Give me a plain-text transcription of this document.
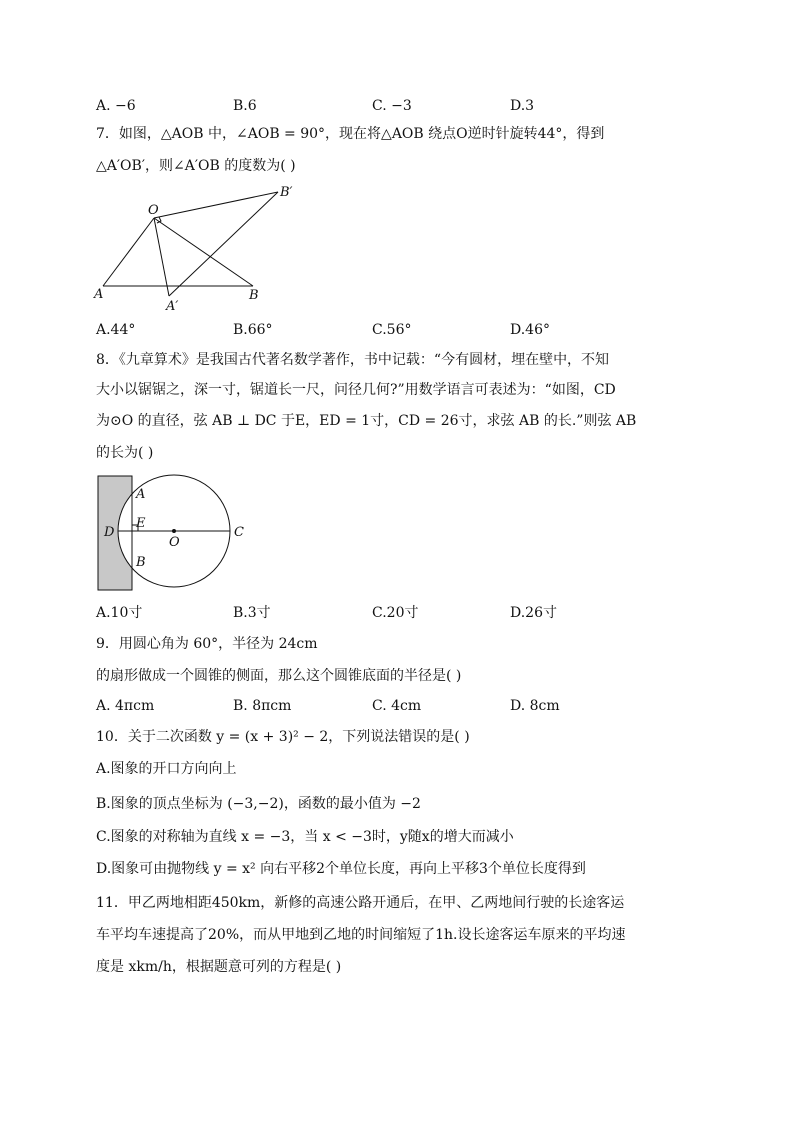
A. −6	B.6	C. −3	D.3
7．如图，△AOB 中，∠AOB = 90°，现在将△AOB 绕点O逆时针旋转44°，得到
△A′OB′，则∠A′OB 的度数为( )
O
B′
A
A′
B
A.44°	B.66°	C.56°	D.46°
8．《九章算术》是我国古代著名数学著作，书中记载：“今有圆材，埋在壁中，不知
大小以锯锯之，深一寸，锯道长一尺，问径几何?”用数学语言可表述为：“如图，CD
为⊙O 的直径，弦 AB ⊥ DC 于E，ED = 1寸，CD = 26寸，求弦 AB 的长.”则弦 AB
的长为( )
A
D
E
O
C
B
A.10寸	B.3寸	C.20寸	D.26寸
9．用圆心角为 60°，半径为 24cm
的扇形做成一个圆锥的侧面，那么这个圆锥底面的半径是( )
A. 4πcm	B. 8πcm	C. 4cm	D. 8cm
10．关于二次函数 y = (x + 3)² − 2，下列说法错误的是( )
A.图象的开口方向向上
B.图象的顶点坐标为 (−3,−2)，函数的最小值为 −2
C.图象的对称轴为直线 x = −3，当 x < −3时，y随x的增大而减小
D.图象可由抛物线 y = x² 向右平移2个单位长度，再向上平移3个单位长度得到
11．甲乙两地相距450km，新修的高速公路开通后，在甲、乙两地间行驶的长途客运
车平均车速提高了20%，而从甲地到乙地的时间缩短了1h.设长途客运车原来的平均速
度是 xkm/h，根据题意可列的方程是( )
